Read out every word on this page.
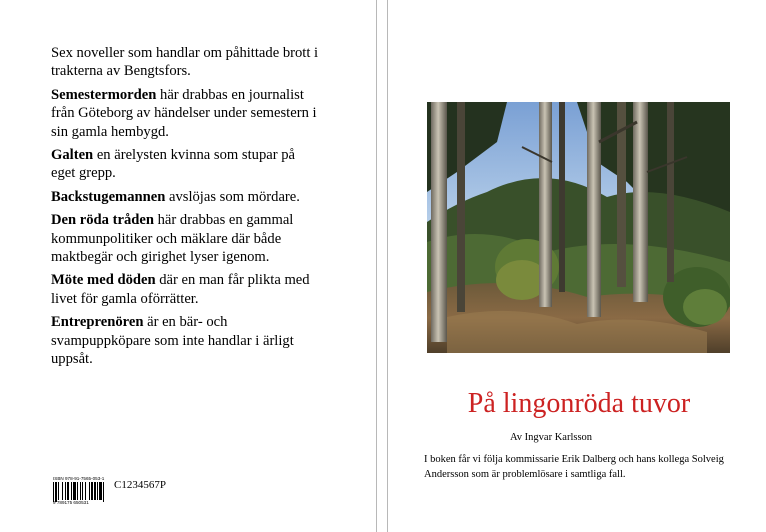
Sex noveller som handlar om påhittade brott i trakterna av Bengtsfors.

Semestermorden här drabbas en journalist från Göteborg av händelser under semestern i sin gamla hembygd.

Galten en ärelysten kvinna som stupar på eget grepp.

Backstugemannen avslöjas som mördare.

Den röda tråden här drabbas en gammal kommunpolitiker och mäklare där både maktbegär och girighet lyser igenom.

Möte med döden där en man får plikta med livet för gamla oförrätter.

Entreprenören är en bär- och svampuppköpare som inte handlar i ärligt uppsåt.

ISBN 978-91-7565-053-1
9 789175 650531
C1234567P
På lingonröda tuvor
Av Ingvar Karlsson
I boken får vi följa kommissarie Erik Dalberg och hans kollega Solveig Andersson som är problemlösare i samtliga fall.
